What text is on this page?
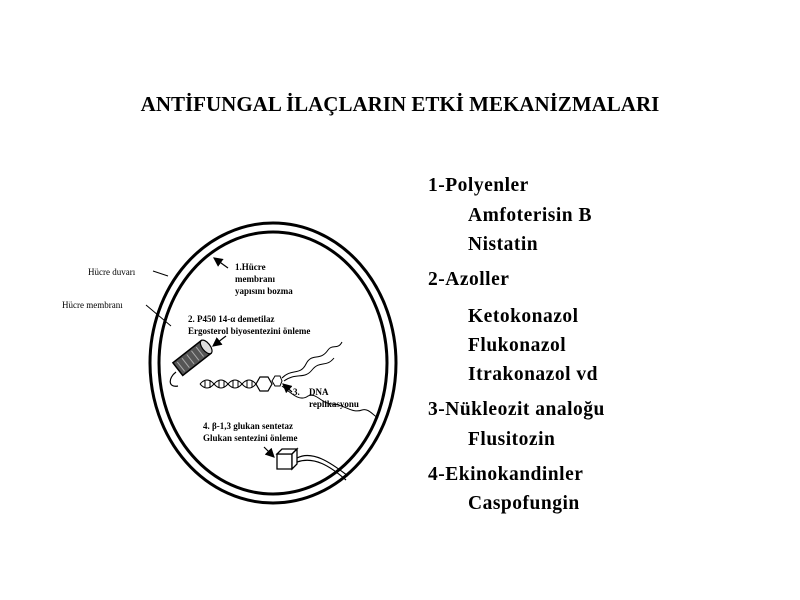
ANTİFUNGAL İLAÇLARIN ETKİ MEKANİZMALARI
Hücre duvarı
Hücre membranı
1.Hücre
membranı
yapısını bozma
2. P450 14-α demetilaz
Ergosterol biyosentezini önleme
3. DNA
replikasyonu
4. β-1,3 glukan sentetaz
Glukan sentezini önleme
1-Polyenler
Amfoterisin B
Nistatin
2-Azoller
Ketokonazol
Flukonazol
Itrakonazol vd
3-Nükleozit analoğu
Flusitozin
4-Ekinokandinler
Caspofungin
